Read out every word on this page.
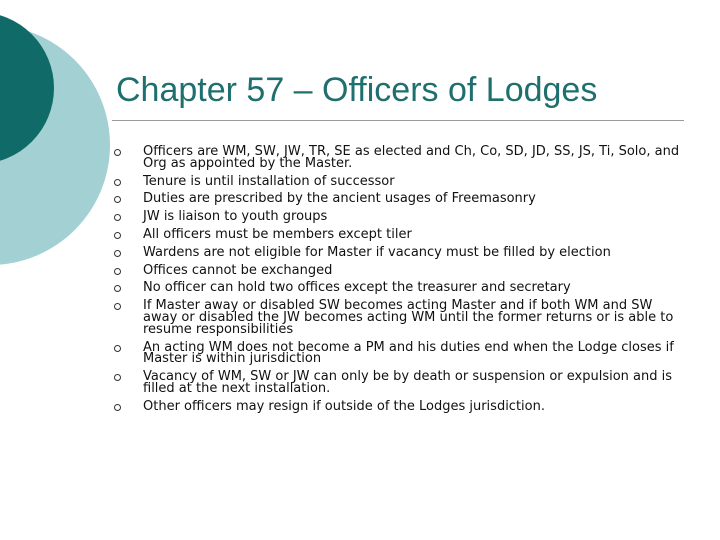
Chapter 57 – Officers of Lodges
Officers are WM, SW, JW, TR, SE as elected and Ch, Co, SD, JD, SS, JS, Ti, Solo, and Org as appointed by the Master.
Tenure is until installation of successor
Duties are prescribed by the ancient usages of Freemasonry
JW is liaison to youth groups
All officers must be members except tiler
Wardens are not eligible for Master if vacancy must be filled by election
Offices cannot be exchanged
No officer can hold two offices except the treasurer and secretary
If Master away or disabled SW becomes acting Master and if both WM and SW away or disabled the JW becomes acting WM until the former returns or is able to resume responsibilities
An acting WM does not become a PM and his duties end when the Lodge closes if Master is within jurisdiction
Vacancy of WM, SW or JW can only be by death or suspension or expulsion and is filled at the next installation.
Other officers may resign if outside of the Lodges jurisdiction.
